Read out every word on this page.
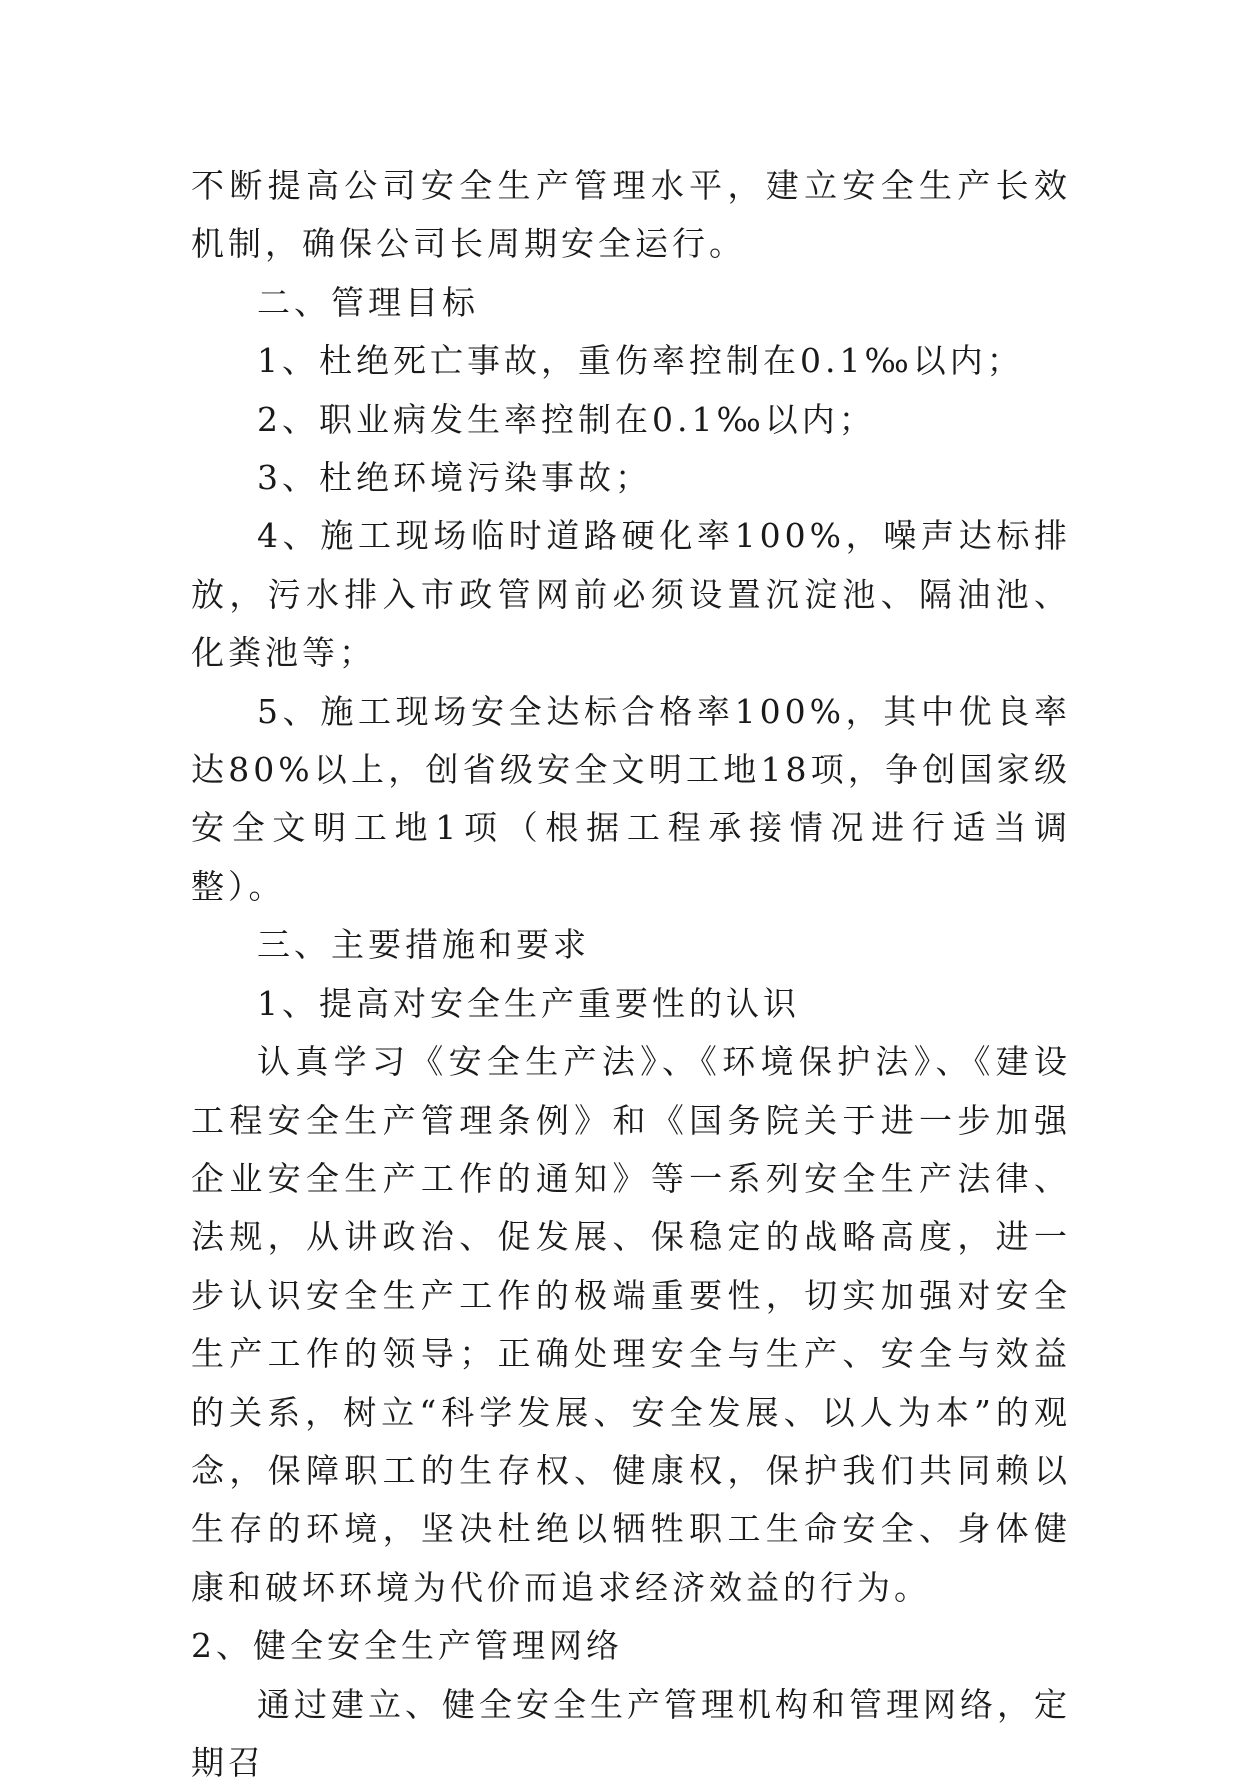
不断提高公司安全生产管理水平，建立安全生产长效机制，确保公司长周期安全运行。

二、管理目标

1、杜绝死亡事故，重伤率控制在0.1‰以内；

2、职业病发生率控制在0.1‰以内；

3、杜绝环境污染事故；

4、施工现场临时道路硬化率100%，噪声达标排放，污水排入市政管网前必须设置沉淀池、隔油池、化粪池等；

5、施工现场安全达标合格率100%，其中优良率达80%以上，创省级安全文明工地18项，争创国家级安全文明工地1项（根据工程承接情况进行适当调整）。

三、主要措施和要求

1、提高对安全生产重要性的认识

认真学习《安全生产法》、《环境保护法》、《建设工程安全生产管理条例》和《国务院关于进一步加强企业安全生产工作的通知》等一系列安全生产法律、法规，从讲政治、促发展、保稳定的战略高度，进一步认识安全生产工作的极端重要性，切实加强对安全生产工作的领导；正确处理安全与生产、安全与效益的关系，树立“科学发展、安全发展、以人为本”的观念，保障职工的生存权、健康权，保护我们共同赖以生存的环境，坚决杜绝以牺牲职工生命安全、身体健康和破坏环境为代价而追求经济效益的行为。

2、健全安全生产管理网络

通过建立、健全安全生产管理机构和管理网络，定期召
